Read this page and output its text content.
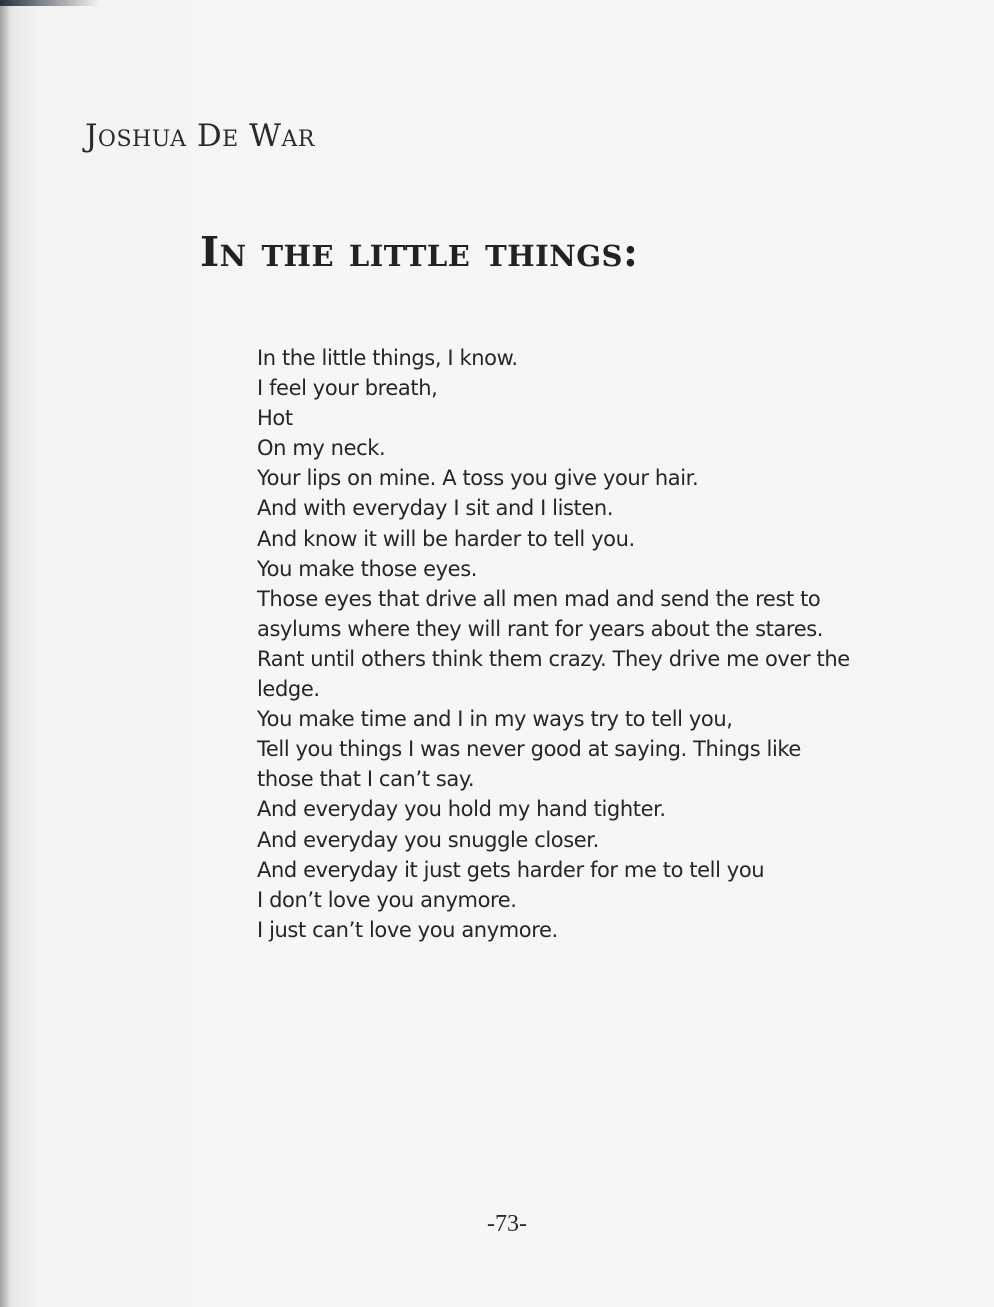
Joshua De War
In the little things:
In the little things, I know.
I feel your breath,
Hot
On my neck.
Your lips on mine. A toss you give your hair.
And with everyday I sit and I listen.
And know it will be harder to tell you.
You make those eyes.
Those eyes that drive all men mad and send the rest to
asylums where they will rant for years about the stares.
Rant until others think them crazy. They drive me over the
ledge.
You make time and I in my ways try to tell you,
Tell you things I was never good at saying. Things like
those that I can’t say.
And everyday you hold my hand tighter.
And everyday you snuggle closer.
And everyday it just gets harder for me to tell you
I don’t love you anymore.
I just can’t love you anymore.
-73-
